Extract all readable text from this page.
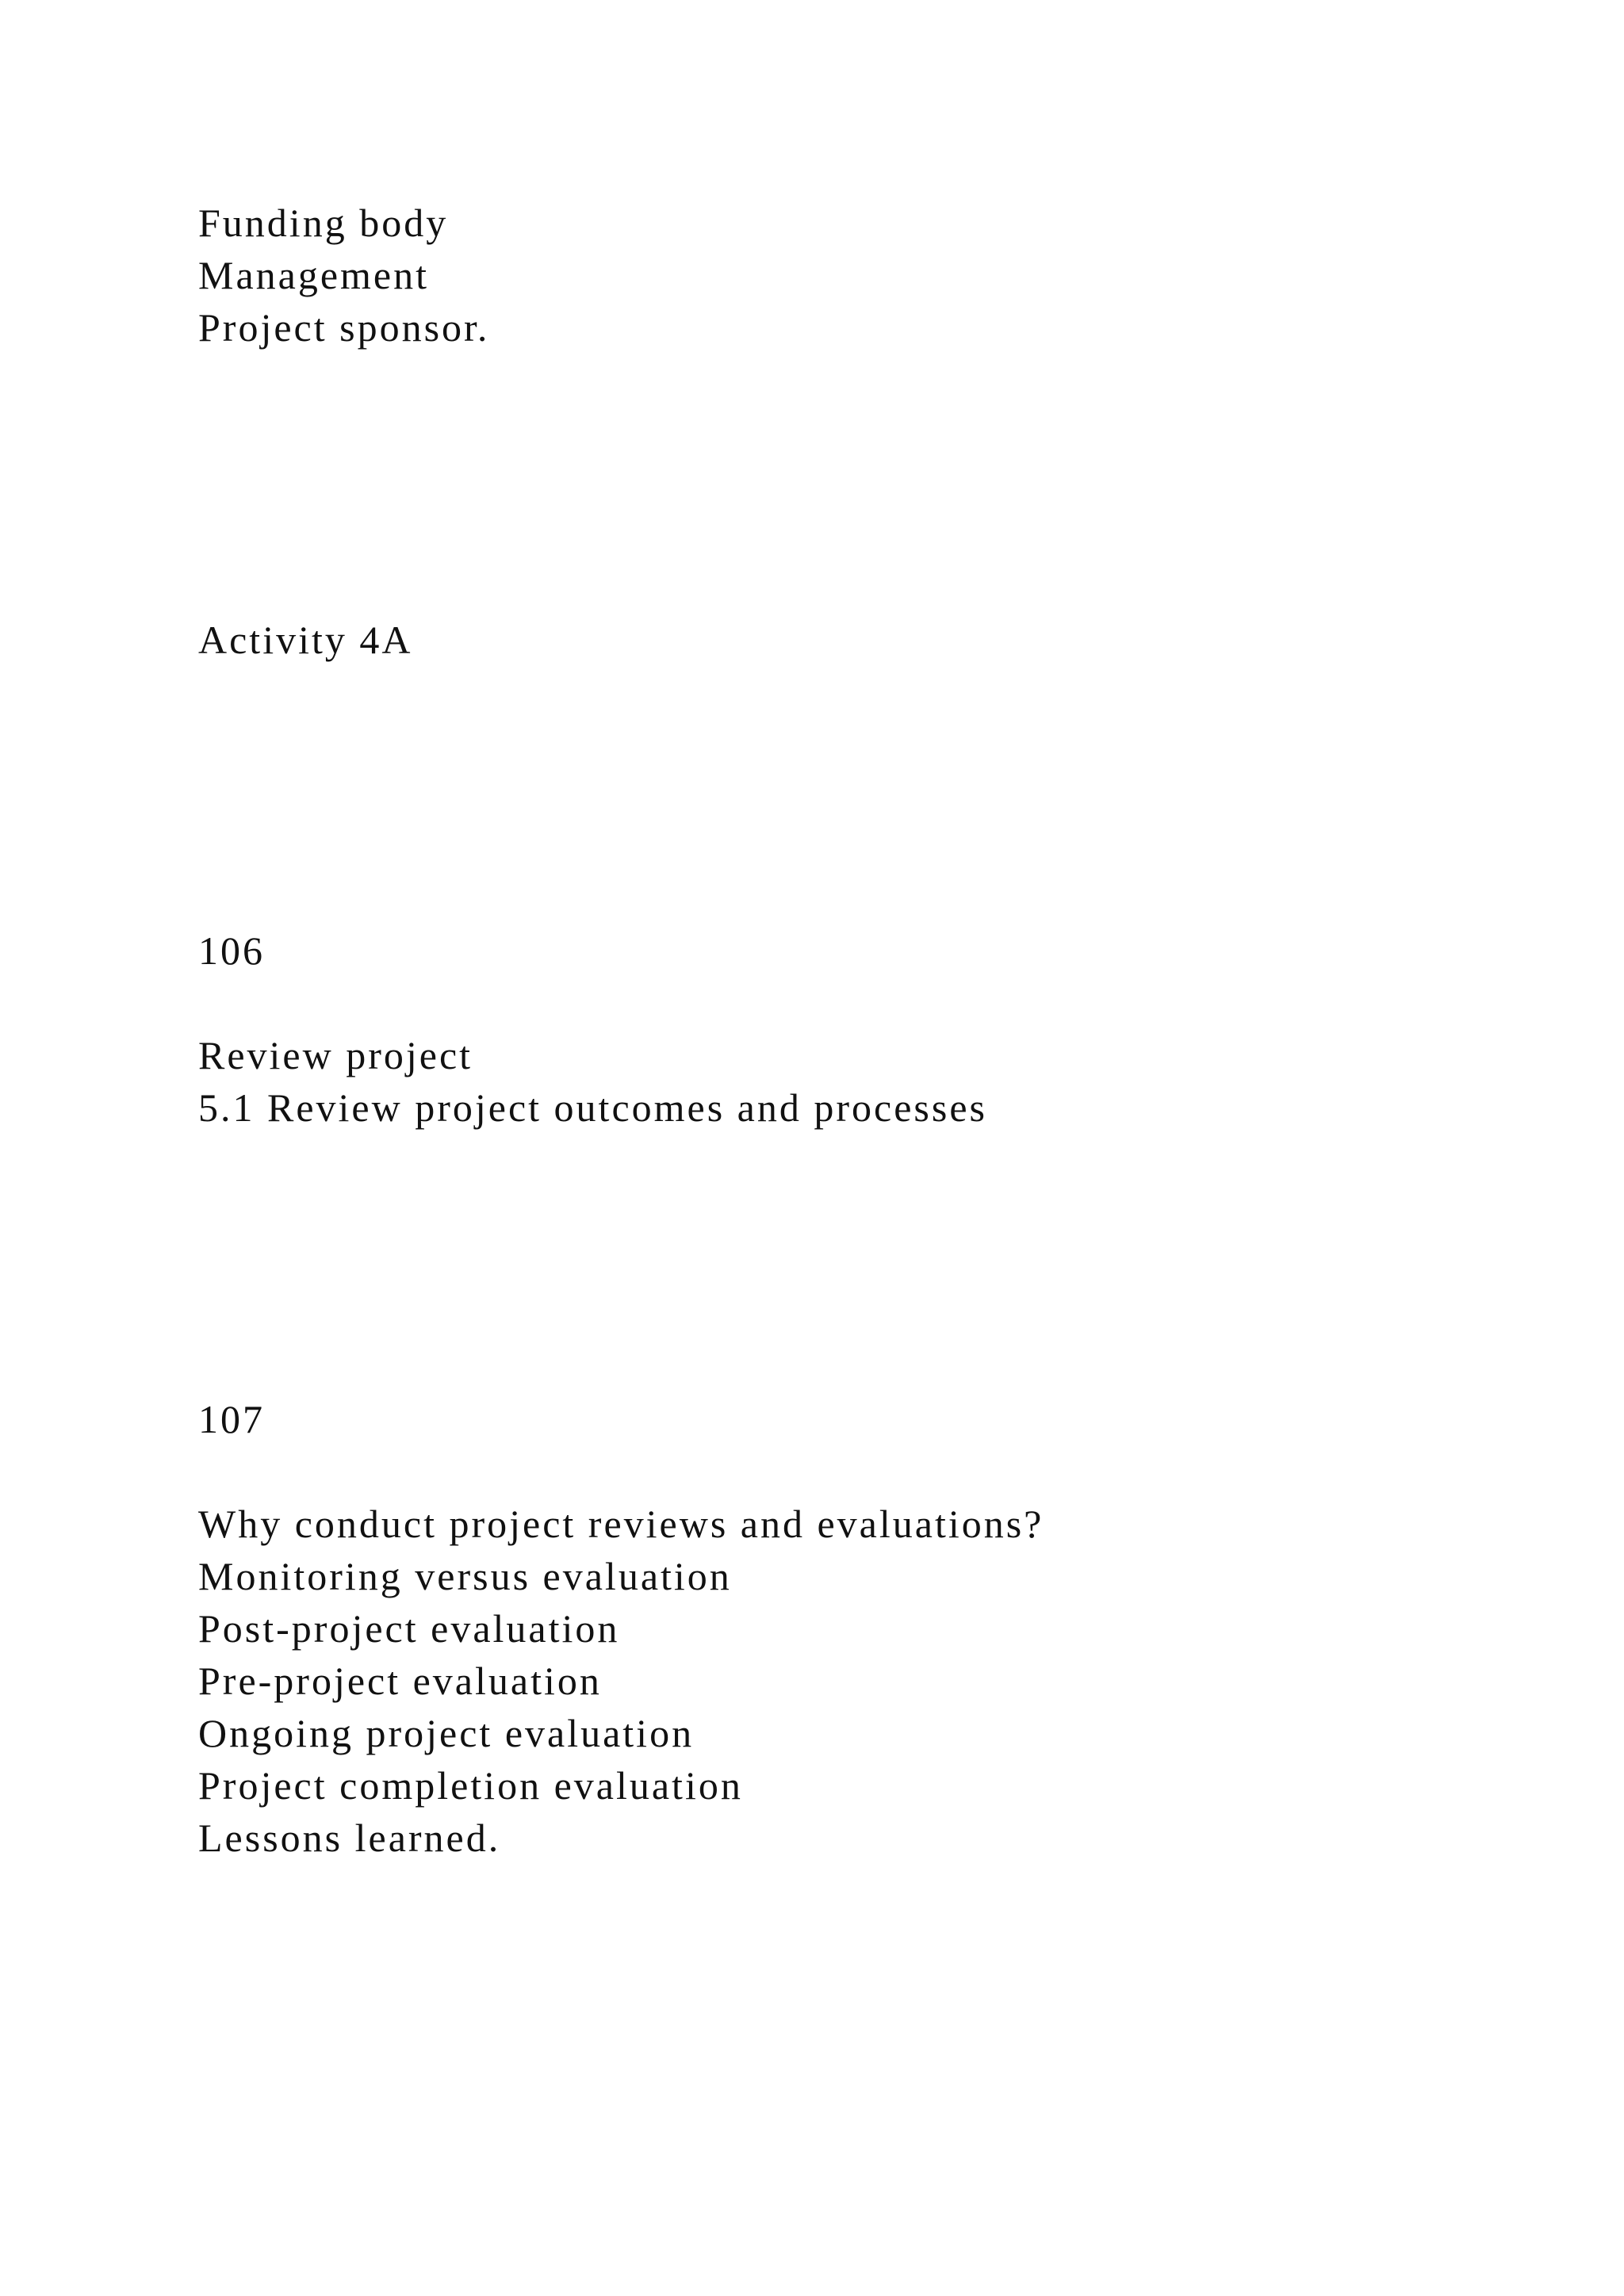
Funding body

Management

Project sponsor.

Activity 4A

106

Review project

5.1 Review project outcomes and processes

107

Why conduct project reviews and evaluations?

Monitoring versus evaluation

Post-project evaluation

Pre-project evaluation

Ongoing project evaluation

Project completion evaluation

Lessons learned.
